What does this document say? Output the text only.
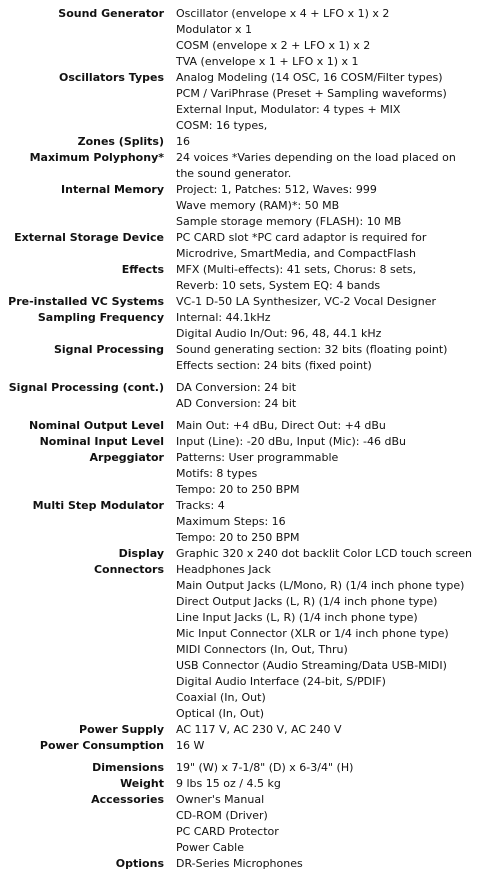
Sound Generator Oscillator (envelope x 4 + LFO x 1) x 2
Modulator x 1
COSM (envelope x 2 + LFO x 1) x 2
TVA (envelope x 1 + LFO x 1) x 1
Oscillators Types Analog Modeling (14 OSC, 16 COSM/Filter types)
PCM / VariPhrase (Preset + Sampling waveforms)
External Input, Modulator: 4 types + MIX
COSM: 16 types,
Zones (Splits) 16
Maximum Polyphony* 24 voices *Varies depending on the load placed on
the sound generator.
Internal Memory Project: 1, Patches: 512, Waves: 999
Wave memory (RAM)*: 50 MB
Sample storage memory (FLASH): 10 MB
External Storage Device PC CARD slot *PC card adaptor is required for
Microdrive, SmartMedia, and CompactFlash
Effects MFX (Multi-effects): 41 sets, Chorus: 8 sets,
Reverb: 10 sets, System EQ: 4 bands
Pre-installed VC Systems VC-1 D-50 LA Synthesizer, VC-2 Vocal Designer
Sampling Frequency Internal: 44.1kHz
Digital Audio In/Out: 96, 48, 44.1 kHz
Signal Processing Sound generating section: 32 bits (floating point)
Effects section: 24 bits (fixed point)
Signal Processing (cont.) DA Conversion: 24 bit
AD Conversion: 24 bit
Nominal Output Level Main Out: +4 dBu, Direct Out: +4 dBu
Nominal Input Level Input (Line): -20 dBu, Input (Mic): -46 dBu
Arpeggiator Patterns: User programmable
Motifs: 8 types
Tempo: 20 to 250 BPM
Multi Step Modulator Tracks: 4
Maximum Steps: 16
Tempo: 20 to 250 BPM
Display Graphic 320 x 240 dot backlit Color LCD touch screen
Connectors Headphones Jack
Main Output Jacks (L/Mono, R) (1/4 inch phone type)
Direct Output Jacks (L, R) (1/4 inch phone type)
Line Input Jacks (L, R) (1/4 inch phone type)
Mic Input Connector (XLR or 1/4 inch phone type)
MIDI Connectors (In, Out, Thru)
USB Connector (Audio Streaming/Data USB-MIDI)
Digital Audio Interface (24-bit, S/PDIF)
Coaxial (In, Out)
Optical (In, Out)
Power Supply AC 117 V, AC 230 V, AC 240 V
Power Consumption 16 W
Dimensions 19" (W) x 7-1/8" (D) x 6-3/4" (H)
Weight 9 lbs 15 oz / 4.5 kg
Accessories Owner's Manual
CD-ROM (Driver)
PC CARD Protector
Power Cable
Options DR-Series Microphones
